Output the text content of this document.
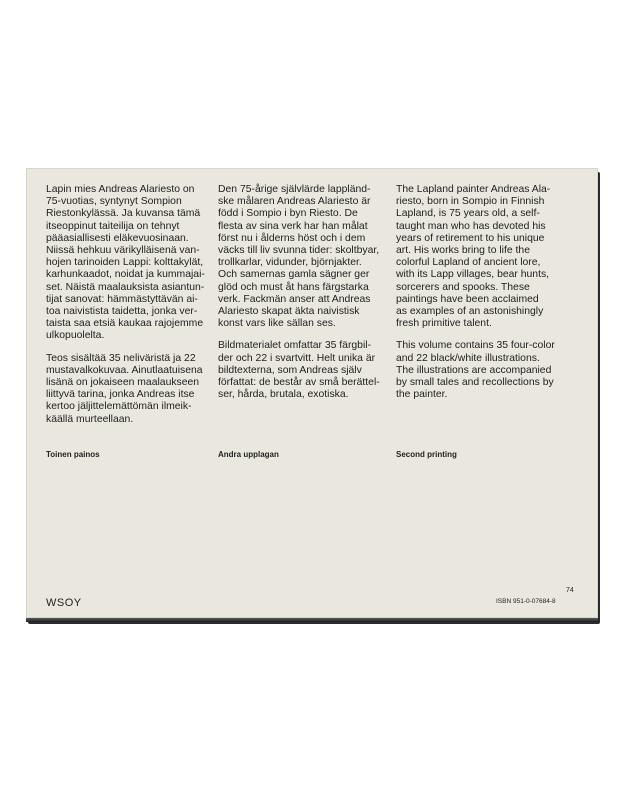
Lapin mies Andreas Alariesto on
75-vuotias, syntynyt Sompion
Riestonkylässä. Ja kuvansa tämä
itseoppinut taiteilija on tehnyt
pääasiallisesti eläkevuosinaan.
Niissä hehkuu värikylläisenä van-
hojen tarinoiden Lappi: kolttakylät,
karhunkaadot, noidat ja kummajai-
set. Näistä maalauksista asiantun-
tijat sanovat: hämmästyttävän ai-
toa naivistista taidetta, jonka ver-
taista saa etsiä kaukaa rajojemme
ulkopuolelta.

Teos sisältää 35 neliväristä ja 22
mustavalkokuvaa. Ainutlaatuisena
lisänä on jokaiseen maalaukseen
liittyvä tarina, jonka Andreas itse
kertoo jäljittelemättömän ilmeik-
käällä murteellaan.

Den 75-årige självlärde lappländ-
ske målaren Andreas Alariesto är
född i Sompio i byn Riesto. De
flesta av sina verk har han målat
först nu i ålderns höst och i dem
väcks till liv svunna tider: skoltbyar,
trollkarlar, vidunder, björnjakter.
Och samernas gamla sägner ger
glöd och must åt hans färgstarka
verk. Fackmän anser att Andreas
Alariesto skapat äkta naivistisk
konst vars like sällan ses.

Bildmaterialet omfattar 35 färgbil-
der och 22 i svartvitt. Helt unika är
bildtexterna, som Andreas själv
författat: de består av små berättel-
ser, hårda, brutala, exotiska.

The Lapland painter Andreas Ala-
riesto, born in Sompio in Finnish
Lapland, is 75 years old, a self-
taught man who has devoted his
years of retirement to his unique
art. His works bring to life the
colorful Lapland of ancient lore,
with its Lapp villages, bear hunts,
sorcerers and spooks. These
paintings have been acclaimed
as examples of an astonishingly
fresh primitive talent.

This volume contains 35 four-color
and 22 black/white illustrations.
The illustrations are accompanied
by small tales and recollections by
the painter.

Toinen painos	Andra upplagan	Second printing
WSOY
74
ISBN 951-0-07684-8
